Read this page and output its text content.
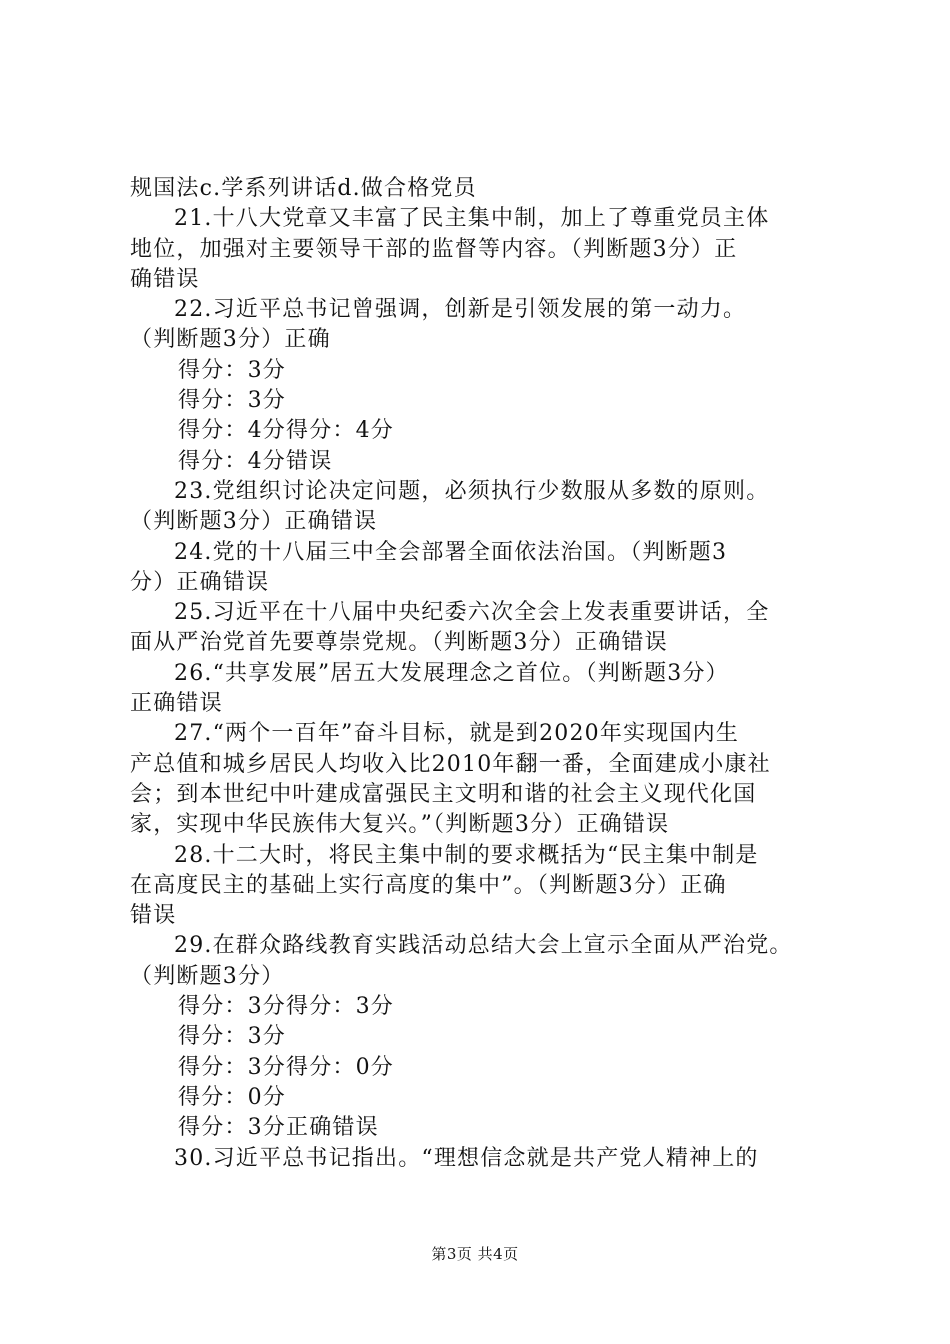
规国法c.学系列讲话d.做合格党员
21.十八大党章又丰富了民主集中制，加上了尊重党员主体
地位，加强对主要领导干部的监督等内容。（判断题3分）正
确错误
22.习近平总书记曾强调，创新是引领发展的第一动力。
（判断题3分）正确
得分：3分
得分：3分
得分：4分得分：4分
得分：4分错误
23.党组织讨论决定问题，必须执行少数服从多数的原则。
（判断题3分）正确错误
24.党的十八届三中全会部署全面依法治国。（判断题3
分）正确错误
25.习近平在十八届中央纪委六次全会上发表重要讲话，全
面从严治党首先要尊崇党规。（判断题3分）正确错误
26.“共享发展”居五大发展理念之首位。（判断题3分）
正确错误
27.“两个一百年”奋斗目标，就是到2020年实现国内生
产总值和城乡居民人均收入比2010年翻一番，全面建成小康社
会；到本世纪中叶建成富强民主文明和谐的社会主义现代化国
家，实现中华民族伟大复兴。”（判断题3分）正确错误
28.十二大时，将民主集中制的要求概括为“民主集中制是
在高度民主的基础上实行高度的集中”。（判断题3分）正确
错误
29.在群众路线教育实践活动总结大会上宣示全面从严治党。
（判断题3分）
得分：3分得分：3分
得分：3分
得分：3分得分：0分
得分：0分
得分：3分正确错误
30.习近平总书记指出。“理想信念就是共产党人精神上的
第3页 共4页
